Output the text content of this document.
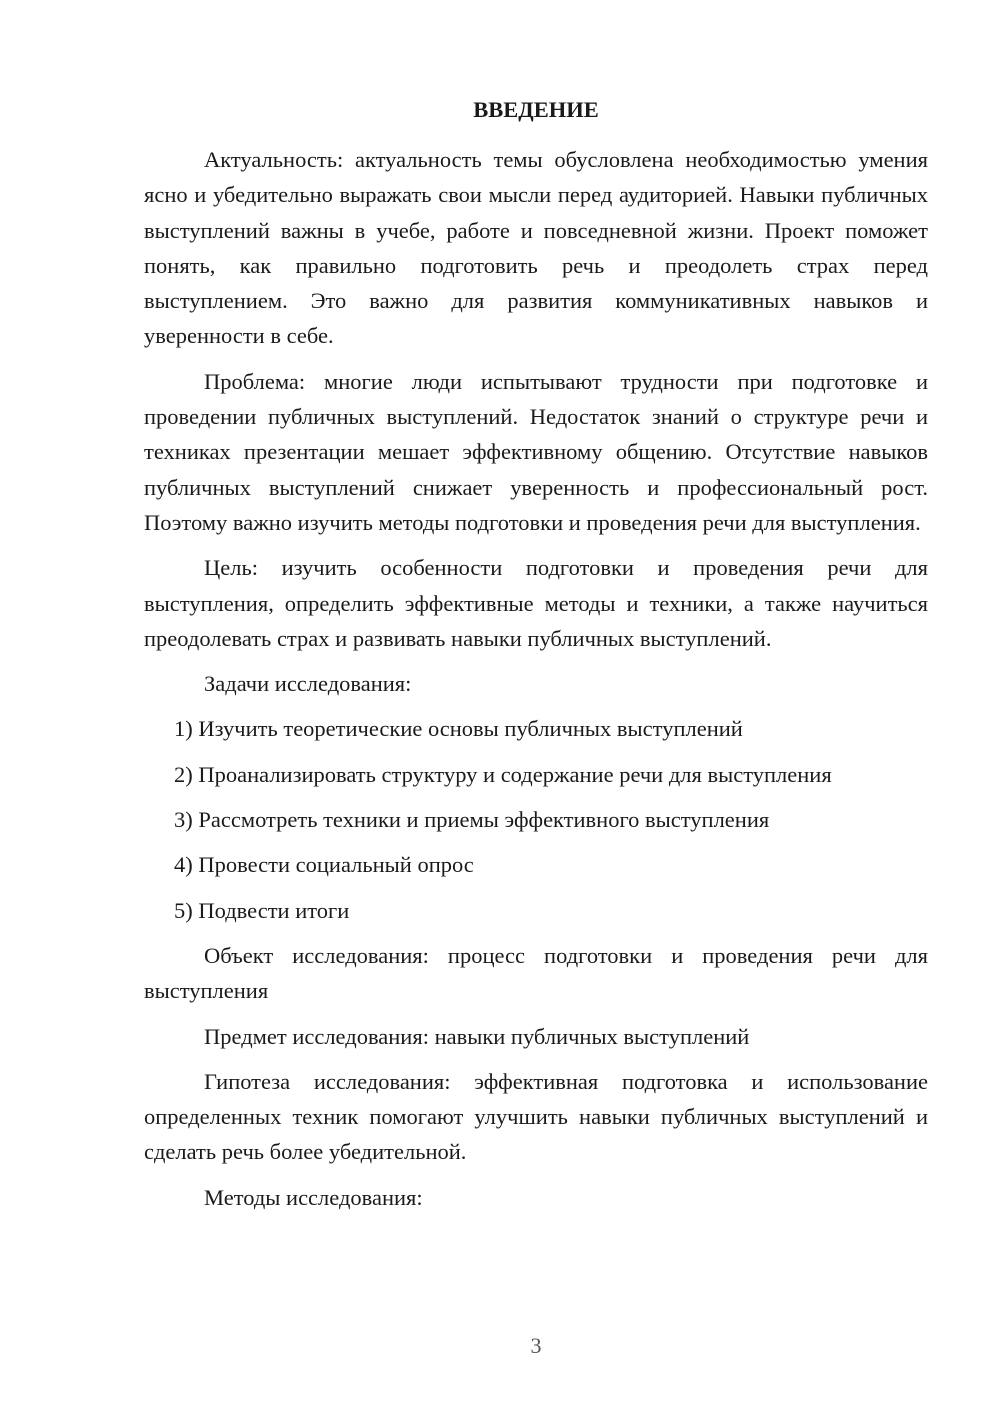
ВВЕДЕНИЕ

Актуальность: актуальность темы обусловлена необходимостью умения ясно и убедительно выражать свои мысли перед аудиторией. Навыки публичных выступлений важны в учебе, работе и повседневной жизни. Проект поможет понять, как правильно подготовить речь и преодолеть страх перед выступлением. Это важно для развития коммуникативных навыков и уверенности в себе.

Проблема: многие люди испытывают трудности при подготовке и проведении публичных выступлений. Недостаток знаний о структуре речи и техниках презентации мешает эффективному общению. Отсутствие навыков публичных выступлений снижает уверенность и профессиональный рост. Поэтому важно изучить методы подготовки и проведения речи для выступления.

Цель: изучить особенности подготовки и проведения речи для выступления, определить эффективные методы и техники, а также научиться преодолевать страх и развивать навыки публичных выступлений.

Задачи исследования:

1) Изучить теоретические основы публичных выступлений
2) Проанализировать структуру и содержание речи для выступления
3) Рассмотреть техники и приемы эффективного выступления
4) Провести социальный опрос
5) Подвести итоги

Объект исследования: процесс подготовки и проведения речи для выступления

Предмет исследования: навыки публичных выступлений

Гипотеза исследования: эффективная подготовка и использование определенных техник помогают улучшить навыки публичных выступлений и сделать речь более убедительной.

Методы исследования:

3
